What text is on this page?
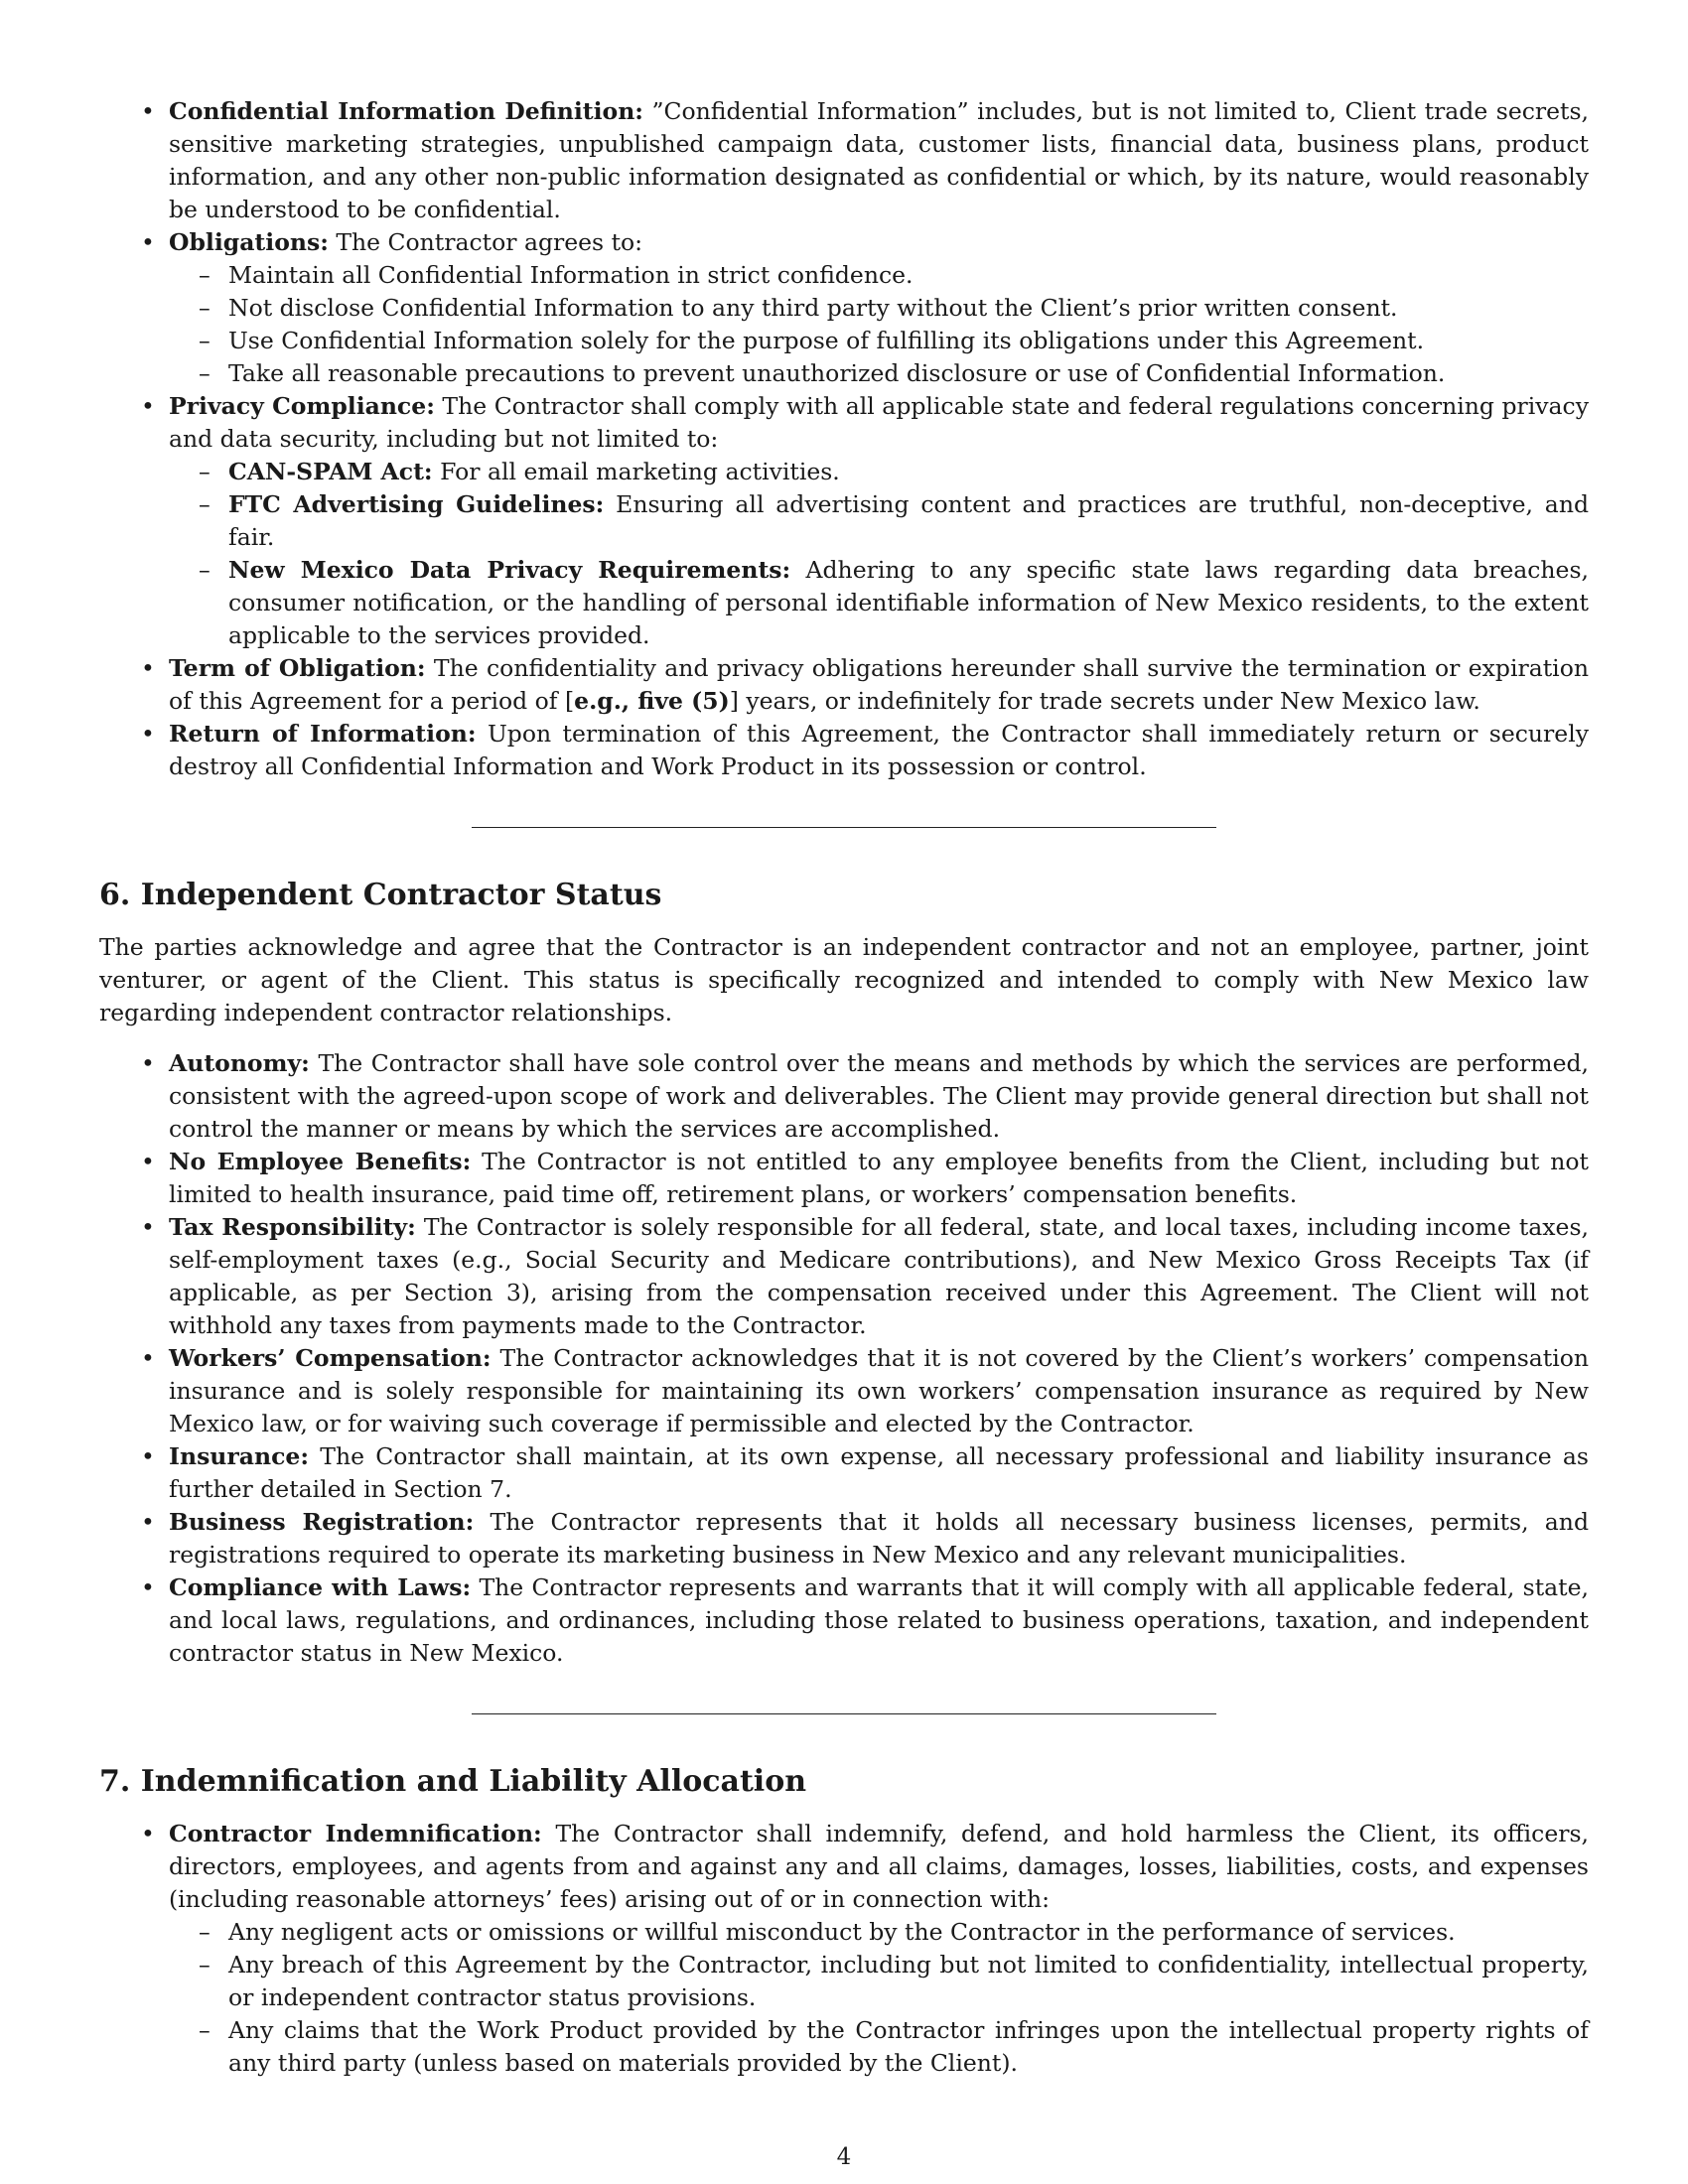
• Confidential Information Definition: ”Confidential Information” includes, but is not limited to, Client trade secrets, sensitive marketing strategies, unpublished campaign data, customer lists, financial data, business plans, product information, and any other non-public information designated as confidential or which, by its nature, would reasonably be understood to be confidential.
• Obligations: The Contractor agrees to:
– Maintain all Confidential Information in strict confidence.
– Not disclose Confidential Information to any third party without the Client’s prior written consent.
– Use Confidential Information solely for the purpose of fulfilling its obligations under this Agreement.
– Take all reasonable precautions to prevent unauthorized disclosure or use of Confidential Information.
• Privacy Compliance: The Contractor shall comply with all applicable state and federal regulations concerning privacy and data security, including but not limited to:
– CAN-SPAM Act: For all email marketing activities.
– FTC Advertising Guidelines: Ensuring all advertising content and practices are truthful, non-deceptive, and fair.
– New Mexico Data Privacy Requirements: Adhering to any specific state laws regarding data breaches, consumer notification, or the handling of personal identifiable information of New Mexico residents, to the extent applicable to the services provided.
• Term of Obligation: The confidentiality and privacy obligations hereunder shall survive the termination or expiration of this Agreement for a period of [e.g., five (5)] years, or indefinitely for trade secrets under New Mexico law.
• Return of Information: Upon termination of this Agreement, the Contractor shall immediately return or securely destroy all Confidential Information and Work Product in its possession or control.
6. Independent Contractor Status

The parties acknowledge and agree that the Contractor is an independent contractor and not an employee, partner, joint venturer, or agent of the Client. This status is specifically recognized and intended to comply with New Mexico law regarding independent contractor relationships.

• Autonomy: The Contractor shall have sole control over the means and methods by which the services are performed, consistent with the agreed-upon scope of work and deliverables. The Client may provide general direction but shall not control the manner or means by which the services are accomplished.
• No Employee Benefits: The Contractor is not entitled to any employee benefits from the Client, including but not limited to health insurance, paid time off, retirement plans, or workers’ compensation benefits.
• Tax Responsibility: The Contractor is solely responsible for all federal, state, and local taxes, including income taxes, self-employment taxes (e.g., Social Security and Medicare contributions), and New Mexico Gross Receipts Tax (if applicable, as per Section 3), arising from the compensation received under this Agreement. The Client will not withhold any taxes from payments made to the Contractor.
• Workers’ Compensation: The Contractor acknowledges that it is not covered by the Client’s workers’ compensation insurance and is solely responsible for maintaining its own workers’ compensation insurance as required by New Mexico law, or for waiving such coverage if permissible and elected by the Contractor.
• Insurance: The Contractor shall maintain, at its own expense, all necessary professional and liability insurance as further detailed in Section 7.
• Business Registration: The Contractor represents that it holds all necessary business licenses, permits, and registrations required to operate its marketing business in New Mexico and any relevant municipalities.
• Compliance with Laws: The Contractor represents and warrants that it will comply with all applicable federal, state, and local laws, regulations, and ordinances, including those related to business operations, taxation, and independent contractor status in New Mexico.
7. Indemnification and Liability Allocation
• Contractor Indemnification: The Contractor shall indemnify, defend, and hold harmless the Client, its officers, directors, employees, and agents from and against any and all claims, damages, losses, liabilities, costs, and expenses (including reasonable attorneys’ fees) arising out of or in connection with:
– Any negligent acts or omissions or willful misconduct by the Contractor in the performance of services.
– Any breach of this Agreement by the Contractor, including but not limited to confidentiality, intellectual property, or independent contractor status provisions.
– Any claims that the Work Product provided by the Contractor infringes upon the intellectual property rights of any third party (unless based on materials provided by the Client).
4
